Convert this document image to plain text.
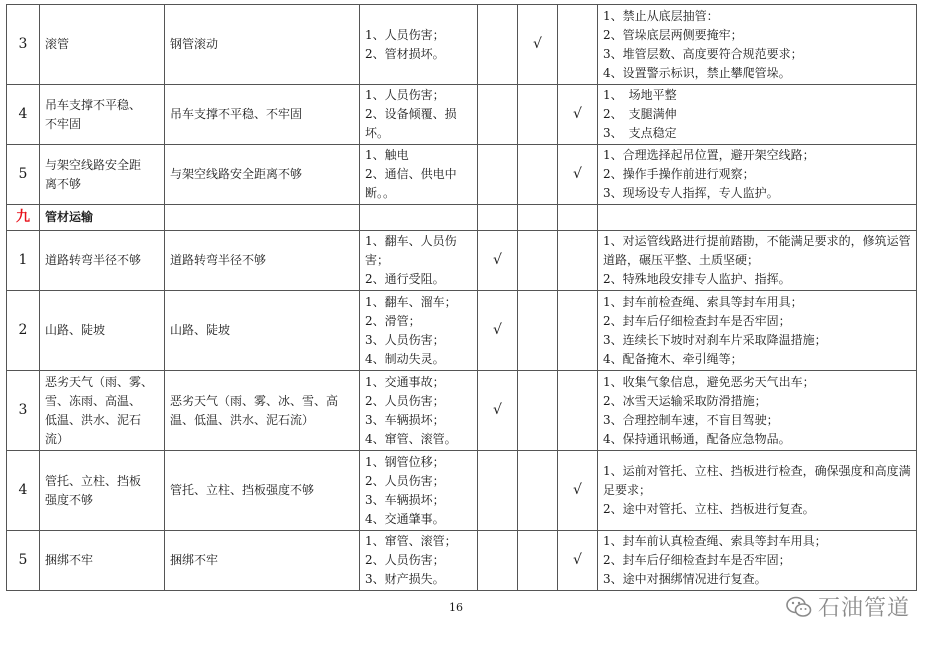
3	滚管	钢管滚动	1、人员伤害；
2、管材损坏。		√		1、禁止从底层抽管：
2、管垛底层两侧要掩牢；
3、堆管层数、高度要符合规范要求；
4、设置警示标识，禁止攀爬管垛。

4	吊车支撑不平稳、
不牢固	吊车支撑不平稳、不牢固	1、人员伤害；
2、设备倾覆、损
坏。			√	1、　场地平整
2、　支腿满伸
3、　支点稳定

5	与架空线路安全距
离不够	与架空线路安全距离不够	1、触电
2、通信、供电中
断。。			√	1、合理选择起吊位置，避开架空线路；
2、操作手操作前进行观察；
3、现场设专人指挥，专人监护。

九	管材运输						
1	道路转弯半径不够	道路转弯半径不够	1、翻车、人员伤
害；
2、通行受阻。	√			1、对运管线路进行提前踏勘，不能满足要求的，修筑运管
道路，碾压平整、土质坚硬；
2、特殊地段安排专人监护、指挥。

2	山路、陡坡	山路、陡坡	1、翻车、溜车；
2、滑管；
3、人员伤害；
4、制动失灵。	√			1、封车前检查绳、索具等封车用具；
2、封车后仔细检查封车是否牢固；
3、连续长下坡时对刹车片采取降温措施；
4、配备掩木、牵引绳等；

3	恶劣天气（雨、雾、
雪、冻雨、高温、
低温、洪水、泥石
流）	恶劣天气（雨、雾、冰、雪、高
温、低温、洪水、泥石流）	1、交通事故；
2、人员伤害；
3、车辆损坏；
4、窜管、滚管。	√			1、收集气象信息，避免恶劣天气出车；
2、冰雪天运输采取防滑措施；
3、合理控制车速，不盲目驾驶；
4、保持通讯畅通，配备应急物品。

4	管托、立柱、挡板
强度不够	管托、立柱、挡板强度不够	1、钢管位移；
2、人员伤害；
3、车辆损坏；
4、交通肇事。			√	1、运前对管托、立柱、挡板进行检查，确保强度和高度满
足要求；
2、途中对管托、立柱、挡板进行复查。

5	捆绑不牢	捆绑不牢	1、窜管、滚管；
2、人员伤害；
3、财产损失。			√	1、封车前认真检查绳、索具等封车用具；
2、封车后仔细检查封车是否牢固；
3、途中对捆绑情况进行复查。
16	石油管道
